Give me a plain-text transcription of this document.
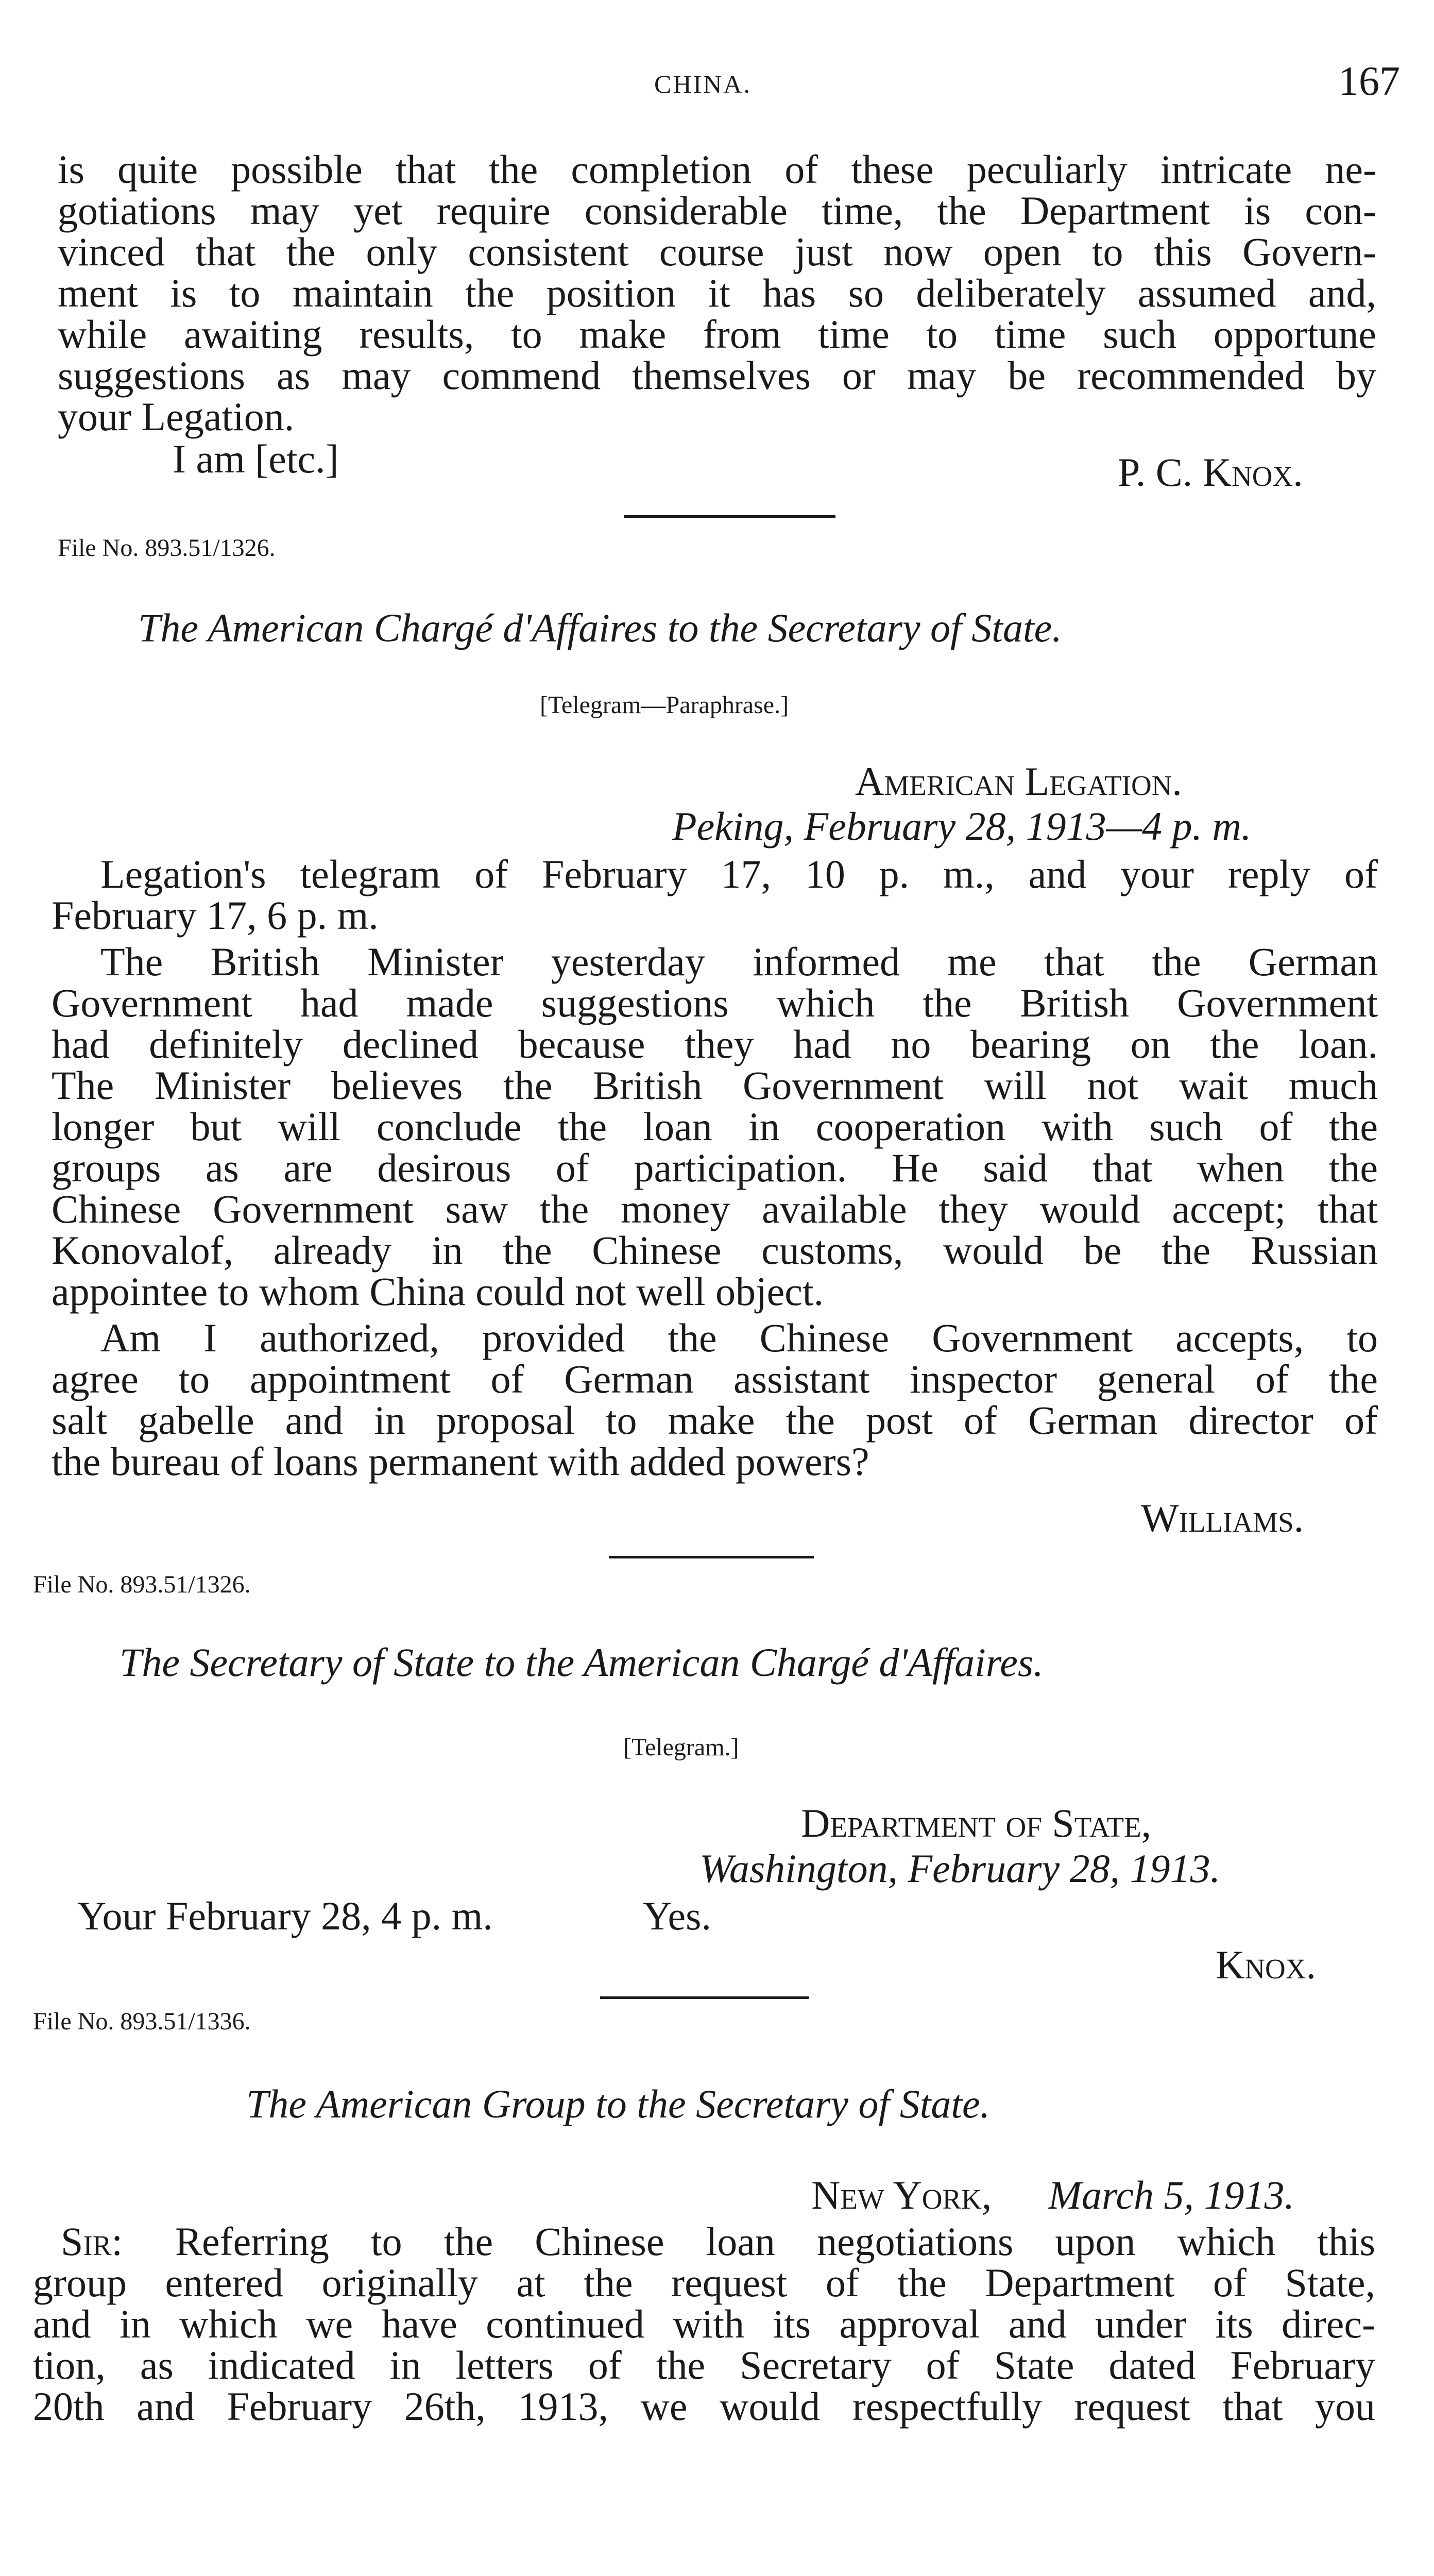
CHINA.	167
is quite possible that the completion of these peculiarly intricate ne-
gotiations may yet require considerable time, the Department is con-
vinced that the only consistent course just now open to this Govern-
ment is to maintain the position it has so deliberately assumed and,
while awaiting results, to make from time to time such opportune
suggestions as may commend themselves or may be recommended by
your Legation.
I am [etc.]	P. C. Knox.
File No. 893.51/1326.
The American Chargé d'Affaires to the Secretary of State.
[Telegram—Paraphrase.]
American Legation.
Peking, February 28, 1913—4 p. m.
Legation's telegram of February 17, 10 p. m., and your reply of
February 17, 6 p. m.
The British Minister yesterday informed me that the German
Government had made suggestions which the British Government
had definitely declined because they had no bearing on the loan.
The Minister believes the British Government will not wait much
longer but will conclude the loan in cooperation with such of the
groups as are desirous of participation. He said that when the
Chinese Government saw the money available they would accept; that
Konovalof, already in the Chinese customs, would be the Russian
appointee to whom China could not well object.
Am I authorized, provided the Chinese Government accepts, to
agree to appointment of German assistant inspector general of the
salt gabelle and in proposal to make the post of German director of
the bureau of loans permanent with added powers?
Williams.
File No. 893.51/1326.
The Secretary of State to the American Chargé d'Affaires.
[Telegram.]
Department of State,
Washington, February 28, 1913.
Your February 28, 4 p. m.	Yes.
Knox.
File No. 893.51/1336.
The American Group to the Secretary of State.
New York, March 5, 1913.
Sir: Referring to the Chinese loan negotiations upon which this
group entered originally at the request of the Department of State,
and in which we have continued with its approval and under its direc-
tion, as indicated in letters of the Secretary of State dated February
20th and February 26th, 1913, we would respectfully request that you
